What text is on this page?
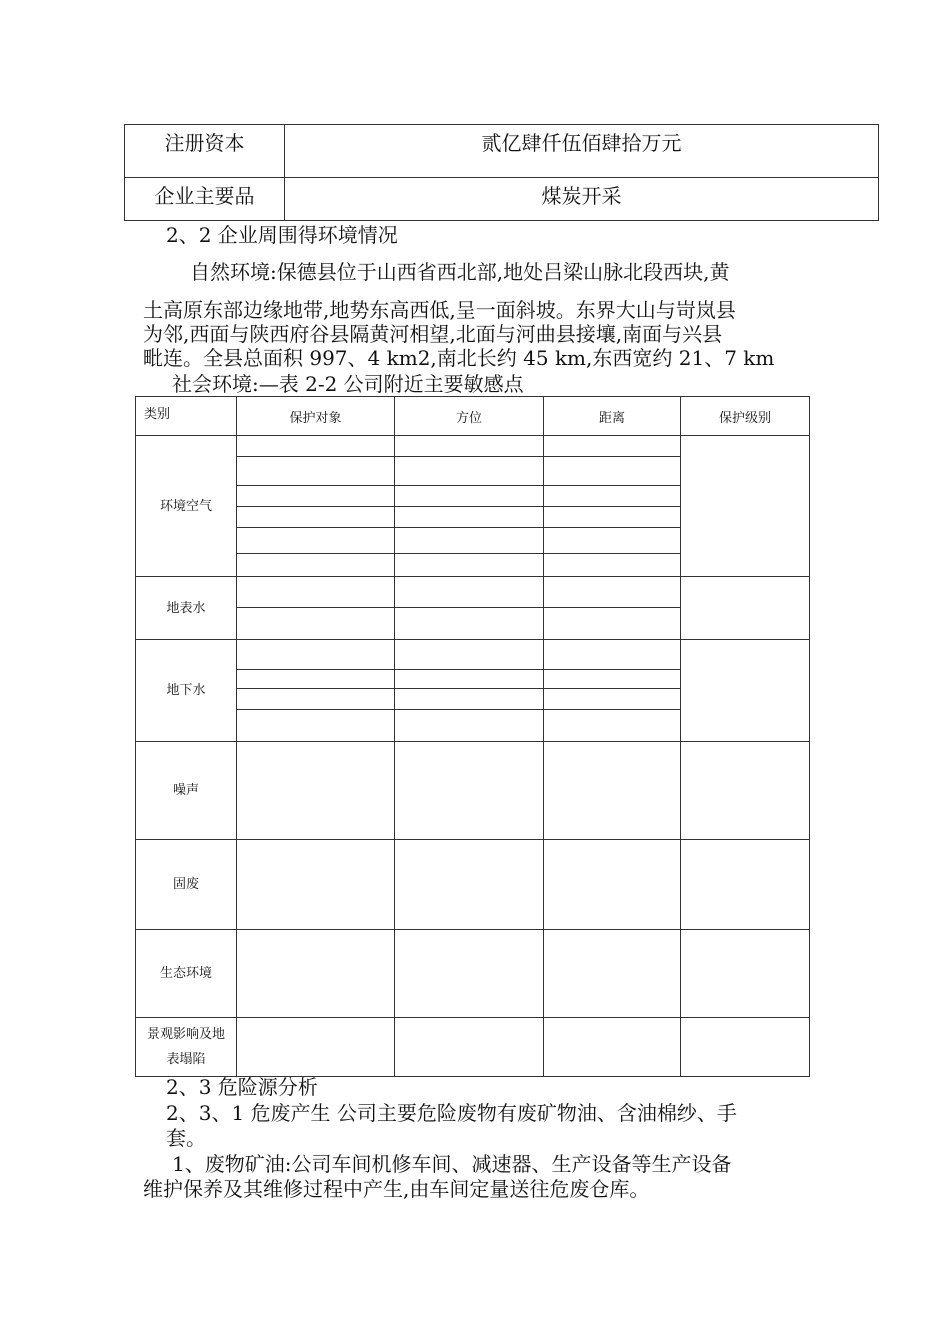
注册资本	贰亿肆仟伍佰肆拾万元
企业主要品	煤炭开采
2、2 企业周围得环境情况
自然环境:保德县位于山西省西北部,地处吕梁山脉北段西块,黄
土高原东部边缘地带,地势东高西低,呈一面斜坡。东界大山与岢岚县
为邻,西面与陕西府谷县隔黄河相望,北面与河曲县接壤,南面与兴县
毗连。全县总面积 997、4 km2,南北长约 45 km,东西宽约 21、7 km
社会环境:—表 2-2 公司附近主要敏感点
类别	保护对象	方位	距离	保护级别
环境空气				

地表水				

地下水				

噪声				
固废				
生态环境				
景观影响及地表塌陷				
2、3 危险源分析
2、3、1 危废产生 公司主要危险废物有废矿物油、含油棉纱、手
套。
1、废物矿油:公司车间机修车间、减速器、生产设备等生产设备
维护保养及其维修过程中产生,由车间定量送往危废仓库。
